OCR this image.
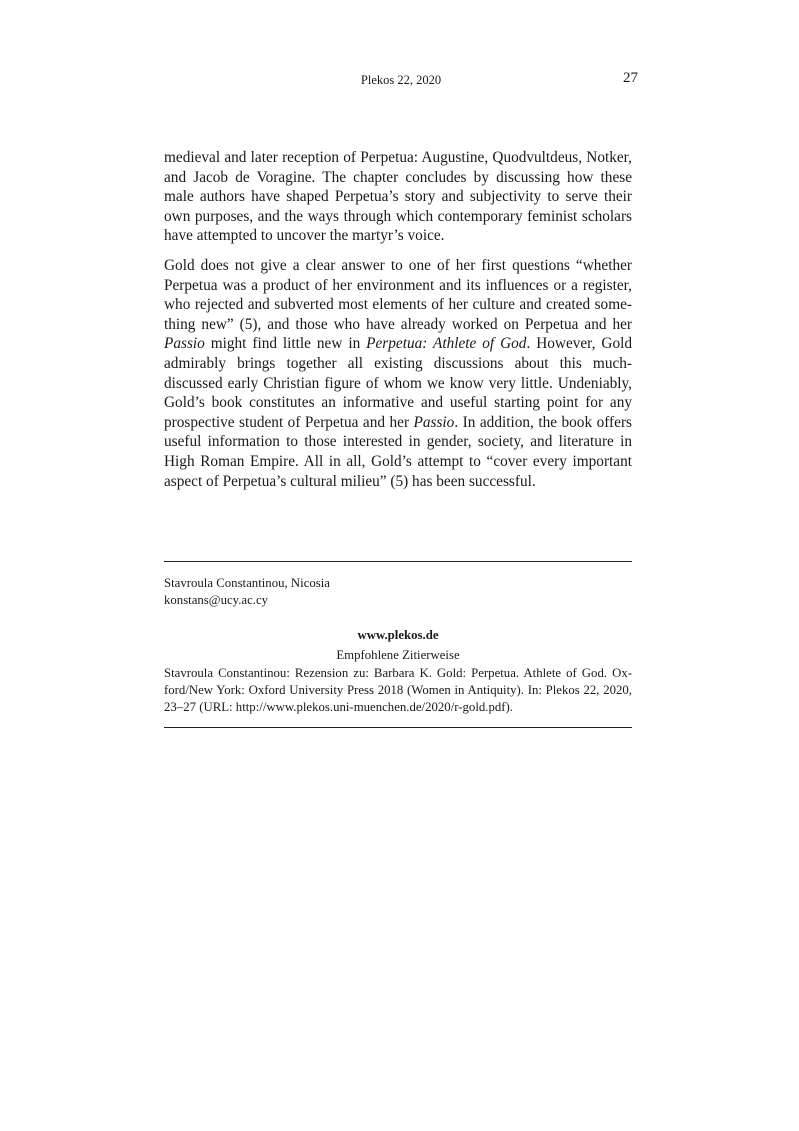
Plekos 22, 2020	27

medieval and later reception of Perpetua: Augustine, Quodvultdeus, Notker, and Jacob de Voragine. The chapter concludes by discussing how these male authors have shaped Perpetua’s story and subjectivity to serve their own purposes, and the ways through which contemporary feminist scholars have attempted to uncover the martyr’s voice.

Gold does not give a clear answer to one of her first questions “whether Perpetua was a product of her environment and its influences or a register, who rejected and subverted most elements of her culture and created something new” (5), and those who have already worked on Perpetua and her Passio might find little new in Perpetua: Athlete of God. However, Gold admirably brings together all existing discussions about this much-discussed early Christian figure of whom we know very little. Undeniably, Gold’s book constitutes an informative and useful starting point for any prospective student of Perpetua and her Passio. In addition, the book offers useful information to those interested in gender, society, and literature in High Roman Empire. All in all, Gold’s attempt to “cover every important aspect of Perpetua’s cultural milieu” (5) has been successful.

Stavroula Constantinou, Nicosia
konstans@ucy.ac.cy
www.plekos.de
Empfohlene Zitierweise
Stavroula Constantinou: Rezension zu: Barbara K. Gold: Perpetua. Athlete of God. Oxford/New York: Oxford University Press 2018 (Women in Antiquity). In: Plekos 22, 2020, 23–27 (URL: http://www.plekos.uni-muenchen.de/2020/r-gold.pdf).
